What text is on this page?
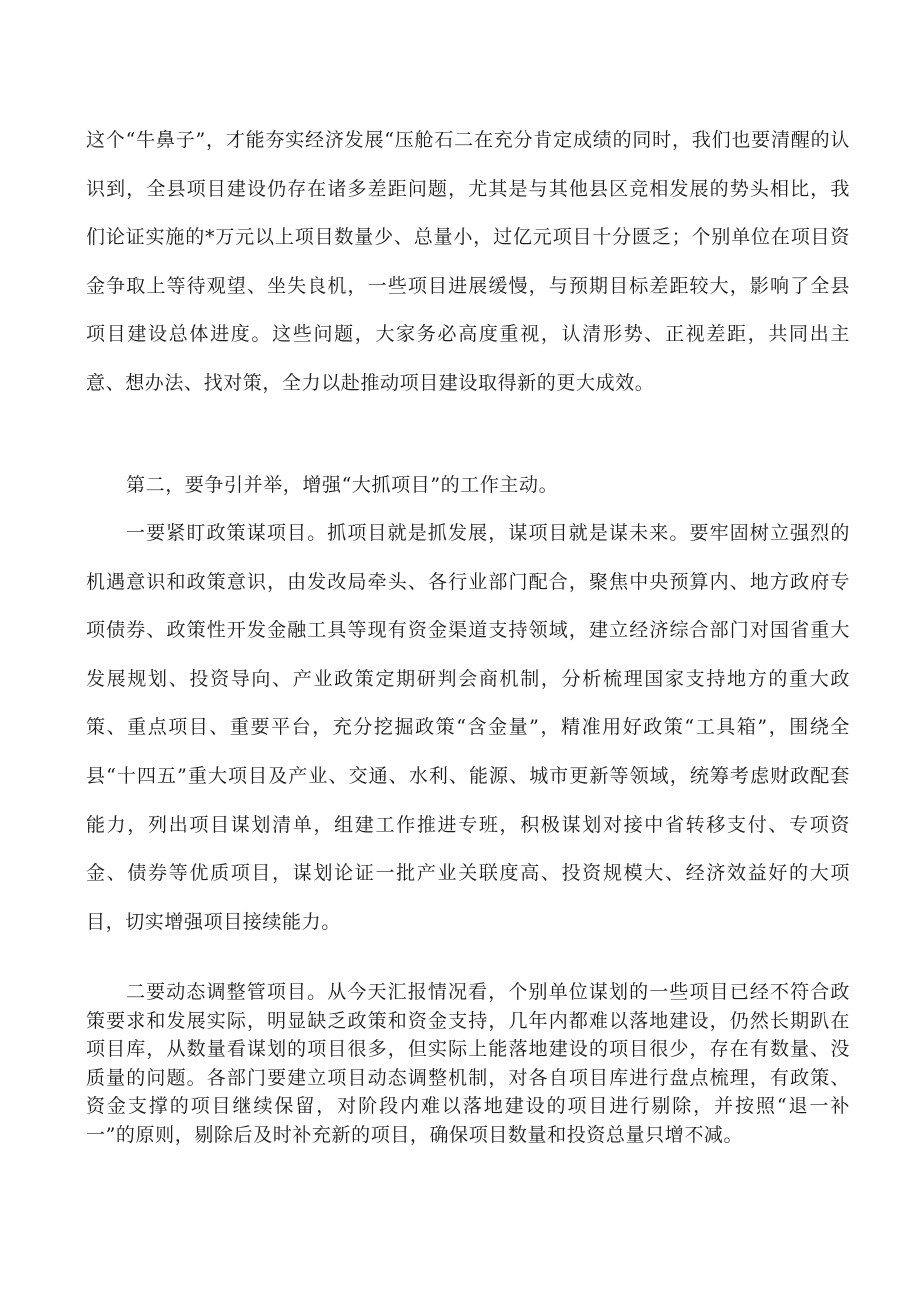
这个“牛鼻子”，才能夯实经济发展“压舱石二在充分肯定成绩的同时，我们也要清醒的认识到，全县项目建设仍存在诸多差距问题，尤其是与其他县区竞相发展的势头相比，我们论证实施的*万元以上项目数量少、总量小，过亿元项目十分匮乏；个别单位在项目资金争取上等待观望、坐失良机，一些项目进展缓慢，与预期目标差距较大，影响了全县项目建设总体进度。这些问题，大家务必高度重视，认清形势、正视差距，共同出主意、想办法、找对策，全力以赴推动项目建设取得新的更大成效。

第二，要争引并举，增强“大抓项目”的工作主动。

一要紧盯政策谋项目。抓项目就是抓发展，谋项目就是谋未来。要牢固树立强烈的机遇意识和政策意识，由发改局牵头、各行业部门配合，聚焦中央预算内、地方政府专项债券、政策性开发金融工具等现有资金渠道支持领域，建立经济综合部门对国省重大发展规划、投资导向、产业政策定期研判会商机制，分析梳理国家支持地方的重大政策、重点项目、重要平台，充分挖掘政策“含金量”，精准用好政策“工具箱”，围绕全县“十四五”重大项目及产业、交通、水利、能源、城市更新等领域，统筹考虑财政配套能力，列出项目谋划清单，组建工作推进专班，积极谋划对接中省转移支付、专项资金、债券等优质项目，谋划论证一批产业关联度高、投资规模大、经济效益好的大项目，切实增强项目接续能力。

二要动态调整管项目。从今天汇报情况看，个别单位谋划的一些项目已经不符合政策要求和发展实际，明显缺乏政策和资金支持，几年内都难以落地建设，仍然长期趴在项目库，从数量看谋划的项目很多，但实际上能落地建设的项目很少，存在有数量、没质量的问题。各部门要建立项目动态调整机制，对各自项目库进行盘点梳理，有政策、资金支撑的项目继续保留，对阶段内难以落地建设的项目进行剔除，并按照“退一补一”的原则，剔除后及时补充新的项目，确保项目数量和投资总量只增不减。
